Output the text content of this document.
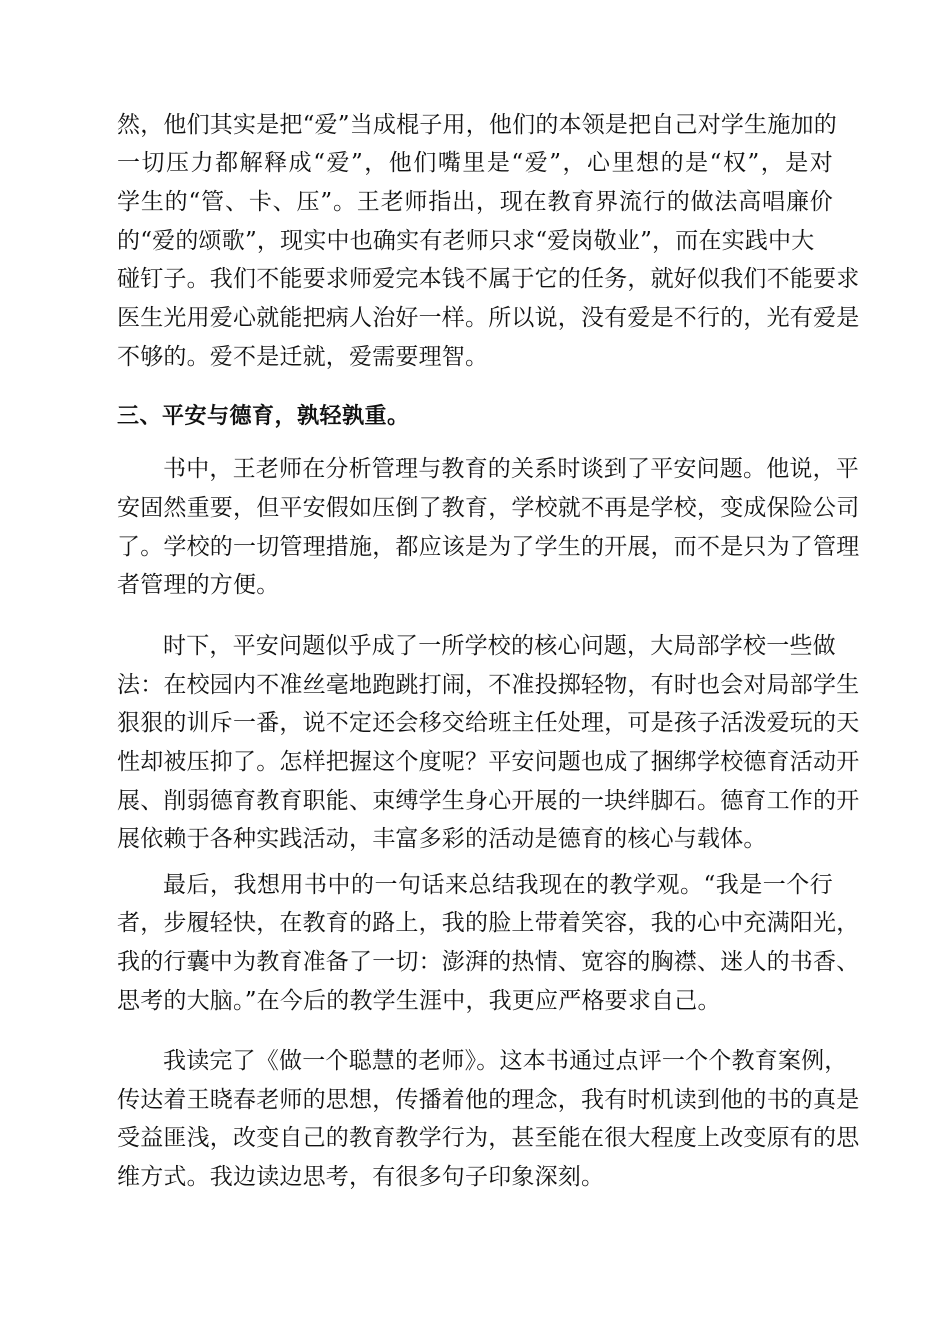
然，他们其实是把“爱”当成棍子用，他们的本领是把自己对学生施加的
一切压力都解释成“爱”，他们嘴里是“爱”，心里想的是“权”，是对
学生的“管、卡、压”。王老师指出，现在教育界流行的做法高唱廉价
的“爱的颂歌”，现实中也确实有老师只求“爱岗敬业”，而在实践中大
碰钉子。我们不能要求师爱完本钱不属于它的任务，就好似我们不能要求
医生光用爱心就能把病人治好一样。所以说，没有爱是不行的，光有爱是
不够的。爱不是迁就，爱需要理智。
三、平安与德育，孰轻孰重。
书中，王老师在分析管理与教育的关系时谈到了平安问题。他说，平
安固然重要，但平安假如压倒了教育，学校就不再是学校，变成保险公司
了。学校的一切管理措施，都应该是为了学生的开展，而不是只为了管理
者管理的方便。
时下，平安问题似乎成了一所学校的核心问题，大局部学校一些做
法：在校园内不准丝毫地跑跳打闹，不准投掷轻物，有时也会对局部学生
狠狠的训斥一番，说不定还会移交给班主任处理，可是孩子活泼爱玩的天
性却被压抑了。怎样把握这个度呢？平安问题也成了捆绑学校德育活动开
展、削弱德育教育职能、束缚学生身心开展的一块绊脚石。德育工作的开
展依赖于各种实践活动，丰富多彩的活动是德育的核心与载体。
最后，我想用书中的一句话来总结我现在的教学观。“我是一个行
者，步履轻快，在教育的路上，我的脸上带着笑容，我的心中充满阳光，
我的行囊中为教育准备了一切：澎湃的热情、宽容的胸襟、迷人的书香、
思考的大脑。”在今后的教学生涯中，我更应严格要求自己。
我读完了《做一个聪慧的老师》。这本书通过点评一个个教育案例，
传达着王晓春老师的思想，传播着他的理念，我有时机读到他的书的真是
受益匪浅，改变自己的教育教学行为，甚至能在很大程度上改变原有的思
维方式。我边读边思考，有很多句子印象深刻。
